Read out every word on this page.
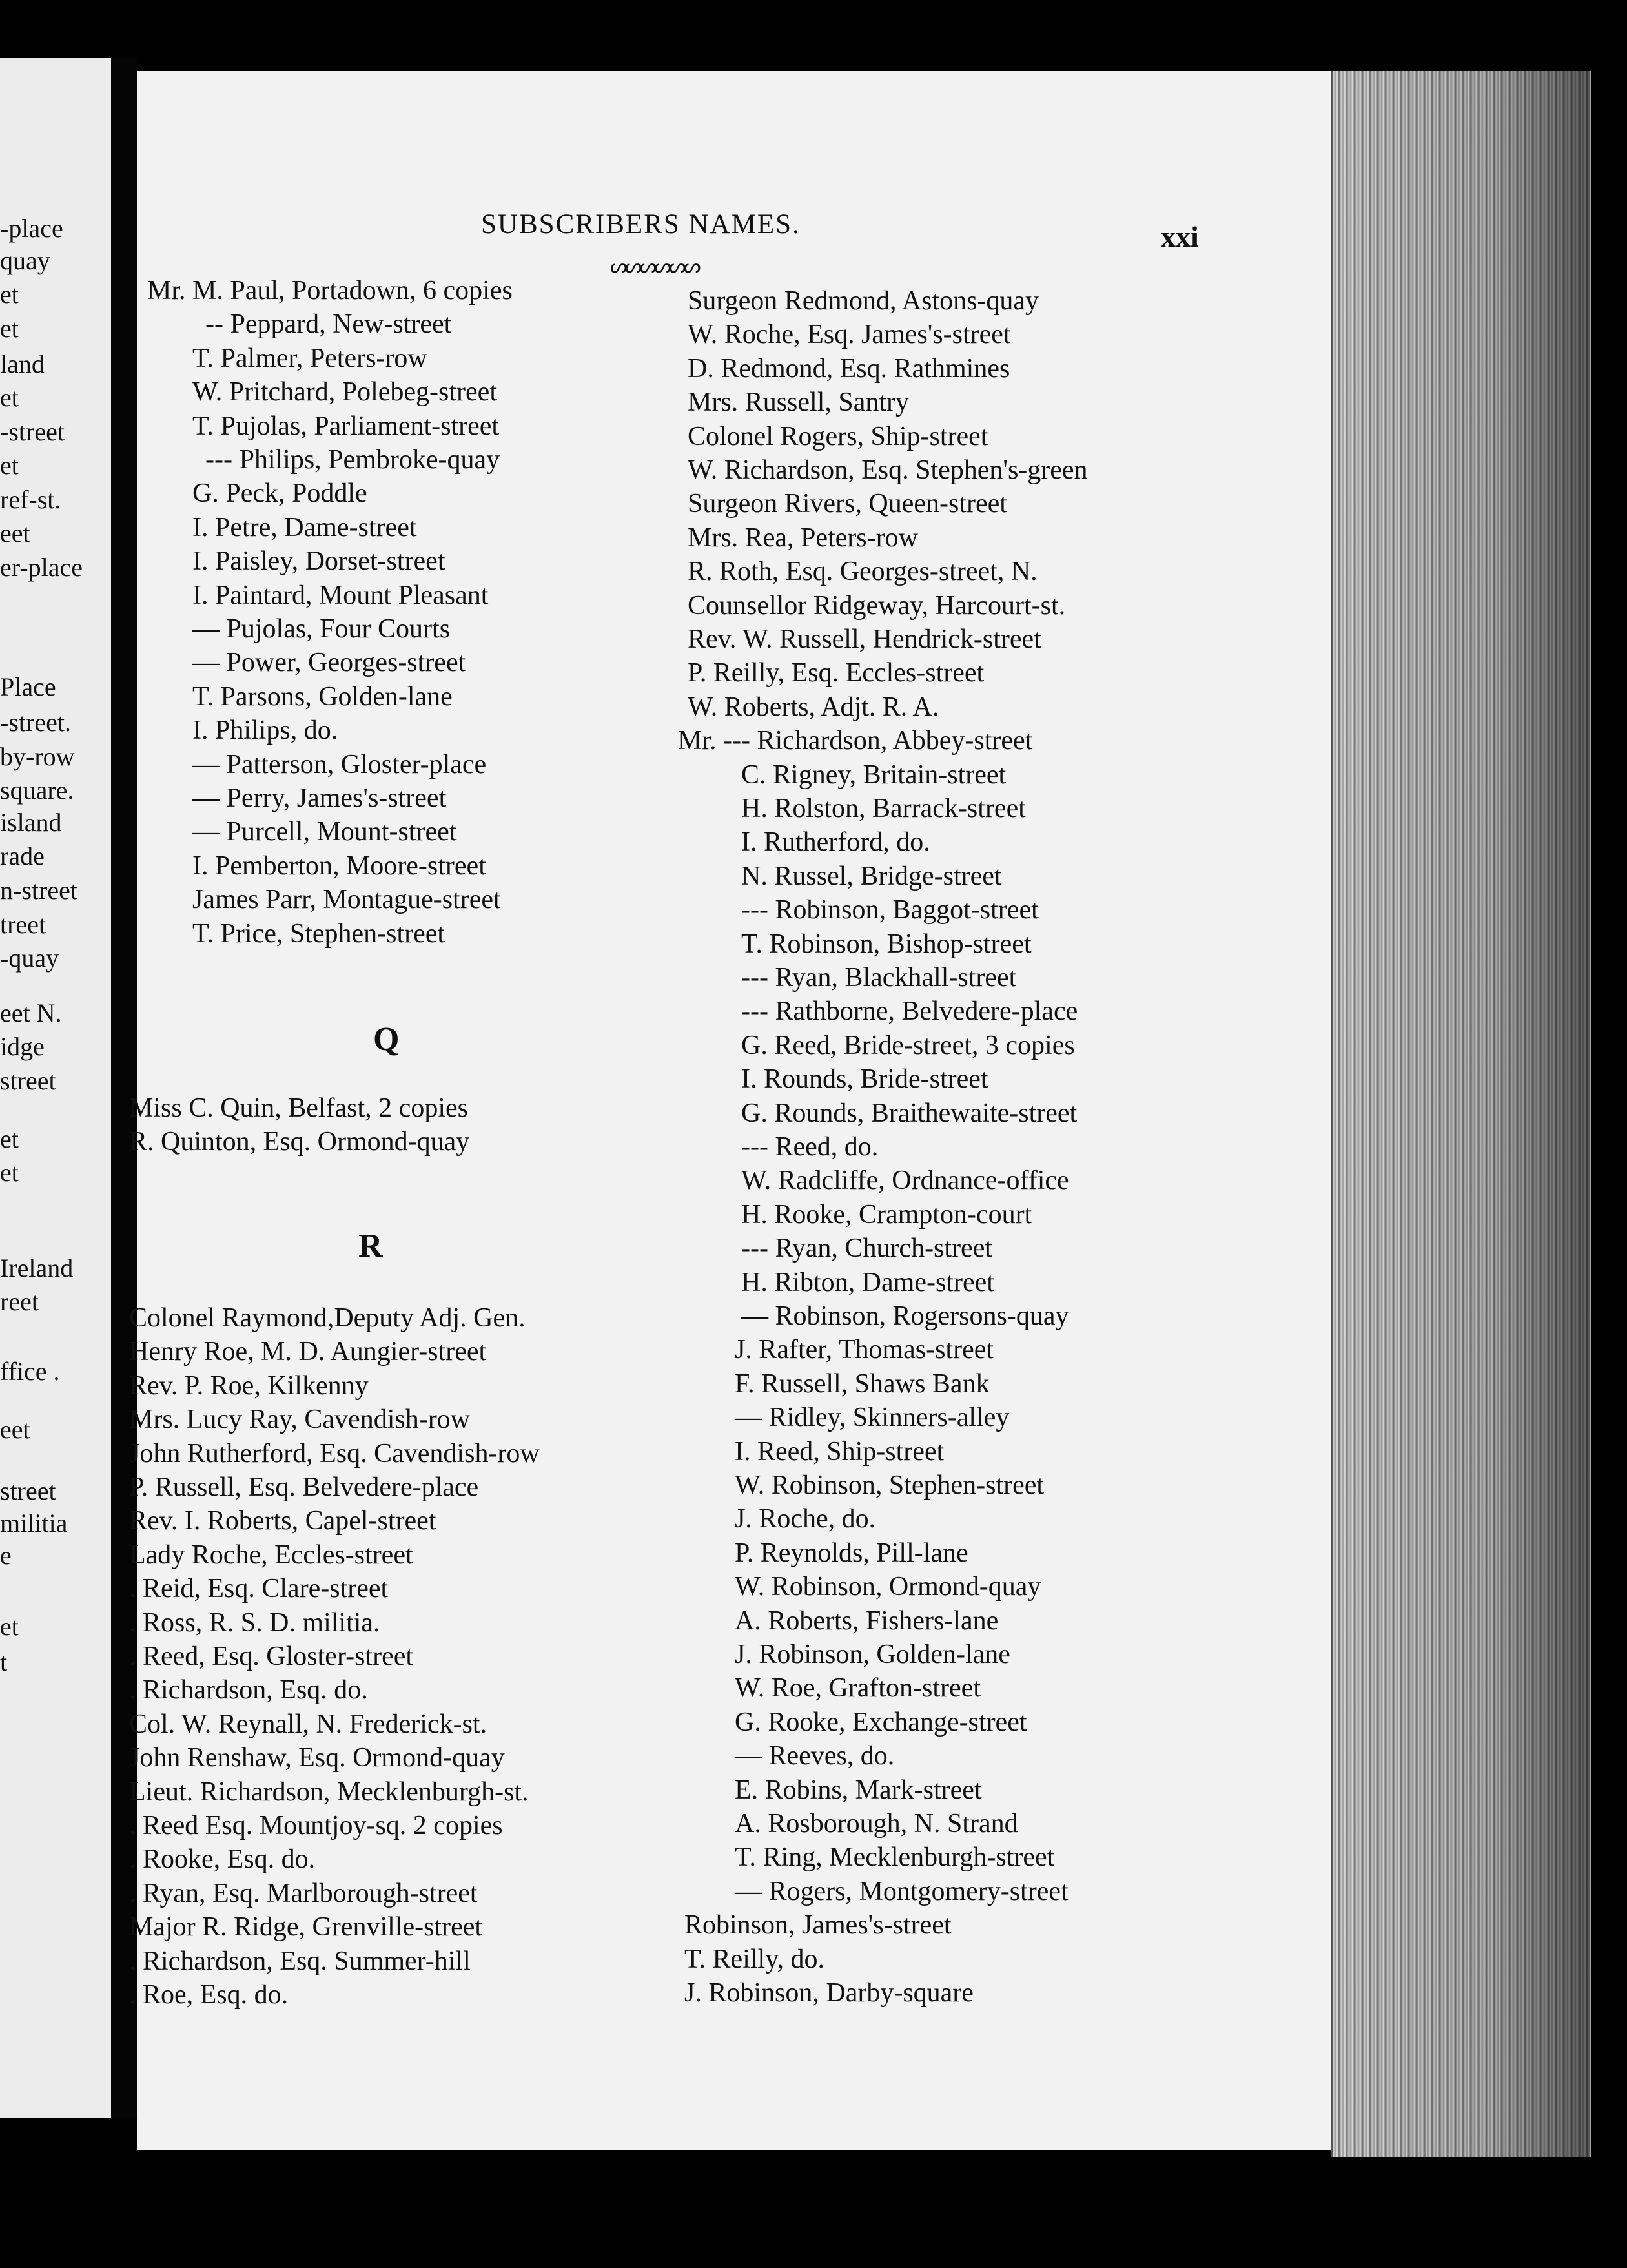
-place
quay
et
et
land
et
-street
et
ref-st.
eet
er-place
Place
-street.
by-row
square.
island
rade
n-street
treet
-quay
eet N.
idge
street
et
et
Ireland
reet
ffice .
eet
street
militia
e
et
t
SUBSCRIBERS NAMES.	xxi
ᔕᔕᔕᔕᔕᔕ
Q
R
Mr. M. Paul, Portadown, 6 copies
-- Peppard, New-street
T. Palmer, Peters-row
W. Pritchard, Polebeg-street
T. Pujolas, Parliament-street
--- Philips, Pembroke-quay
G. Peck, Poddle
I. Petre, Dame-street
I. Paisley, Dorset-street
I. Paintard, Mount Pleasant
— Pujolas, Four Courts
— Power, Georges-street
T. Parsons, Golden-lane
I. Philips, do.
— Patterson, Gloster-place
— Perry, James's-street
— Purcell, Mount-street
I. Pemberton, Moore-street
James Parr, Montague-street
T. Price, Stephen-street
Miss C. Quin, Belfast, 2 copies
R. Quinton, Esq. Ormond-quay
Colonel Raymond,Deputy Adj. Gen.
Henry Roe, M. D. Aungier-street
Rev. P. Roe, Kilkenny
Mrs. Lucy Ray, Cavendish-row
John Rutherford, Esq. Cavendish-row
P. Russell, Esq. Belvedere-place
Rev. I. Roberts, Capel-street
Lady Roche, Eccles-street
. Reid, Esq. Clare-street
. Ross, R. S. D. militia.
. Reed, Esq. Gloster-street
. Richardson, Esq. do.
Col. W. Reynall, N. Frederick-st.
John Renshaw, Esq. Ormond-quay
Lieut. Richardson, Mecklenburgh-st.
. Reed Esq. Mountjoy-sq. 2 copies
. Rooke, Esq. do.
. Ryan, Esq. Marlborough-street
Major R. Ridge, Grenville-street
. Richardson, Esq. Summer-hill
. Roe, Esq. do.
Surgeon Redmond, Astons-quay
W. Roche, Esq. James's-street
D. Redmond, Esq. Rathmines
Mrs. Russell, Santry
Colonel Rogers, Ship-street
W. Richardson, Esq. Stephen's-green
Surgeon Rivers, Queen-street
Mrs. Rea, Peters-row
R. Roth, Esq. Georges-street, N.
Counsellor Ridgeway, Harcourt-st.
Rev. W. Russell, Hendrick-street
P. Reilly, Esq. Eccles-street
W. Roberts, Adjt. R. A.
Mr. --- Richardson, Abbey-street
C. Rigney, Britain-street
H. Rolston, Barrack-street
I. Rutherford, do.
N. Russel, Bridge-street
--- Robinson, Baggot-street
T. Robinson, Bishop-street
--- Ryan, Blackhall-street
--- Rathborne, Belvedere-place
G. Reed, Bride-street, 3 copies
I. Rounds, Bride-street
G. Rounds, Braithewaite-street
--- Reed, do.
W. Radcliffe, Ordnance-office
H. Rooke, Crampton-court
--- Ryan, Church-street
H. Ribton, Dame-street
— Robinson, Rogersons-quay
J. Rafter, Thomas-street
F. Russell, Shaws Bank
— Ridley, Skinners-alley
I. Reed, Ship-street
W. Robinson, Stephen-street
J. Roche, do.
P. Reynolds, Pill-lane
W. Robinson, Ormond-quay
A. Roberts, Fishers-lane
J. Robinson, Golden-lane
W. Roe, Grafton-street
G. Rooke, Exchange-street
— Reeves, do.
E. Robins, Mark-street
A. Rosborough, N. Strand
T. Ring, Mecklenburgh-street
— Rogers, Montgomery-street
Robinson, James's-street
T. Reilly, do.
J. Robinson, Darby-square
